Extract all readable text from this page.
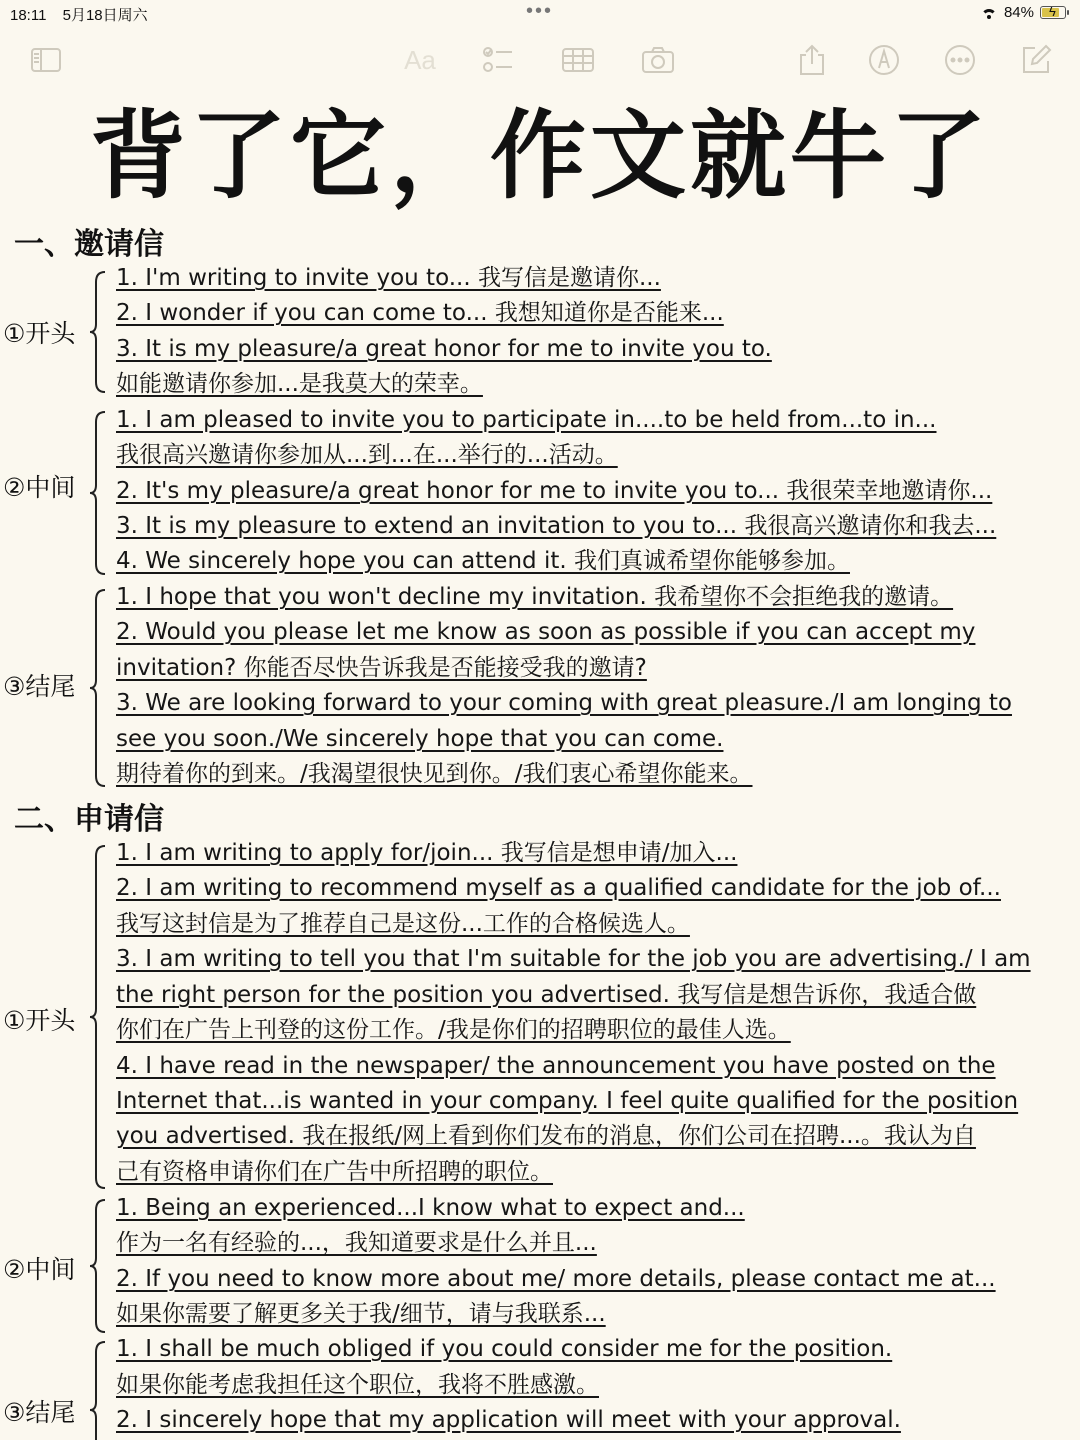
18:11 5月18日周六	•••	84% ϟ
Aa
背了它，作文就牛了
一、邀请信
①开头
1. I'm writing to invite you to... 我写信是邀请你...
2. I wonder if you can come to... 我想知道你是否能来...
3. It is my pleasure/a great honor for me to invite you to.
如能邀请你参加...是我莫大的荣幸。
②中间
1. I am pleased to invite you to participate in....to be held from...to in...
我很高兴邀请你参加从...到...在...举行的...活动。
2. It's my pleasure/a great honor for me to invite you to... 我很荣幸地邀请你...
3. It is my pleasure to extend an invitation to you to... 我很高兴邀请你和我去...
4. We sincerely hope you can attend it. 我们真诚希望你能够参加。
③结尾
1. I hope that you won't decline my invitation. 我希望你不会拒绝我的邀请。
2. Would you please let me know as soon as possible if you can accept my
invitation? 你能否尽快告诉我是否能接受我的邀请?
3. We are looking forward to your coming with great pleasure./I am longing to
see you soon./We sincerely hope that you can come.
期待着你的到来。/我渴望很快见到你。/我们衷心希望你能来。
二、申请信
①开头
1. I am writing to apply for/join... 我写信是想申请/加入...
2. I am writing to recommend myself as a qualified candidate for the job of...
我写这封信是为了推荐自己是这份...工作的合格候选人。
3. I am writing to tell you that I'm suitable for the job you are advertising./ I am
the right person for the position you advertised. 我写信是想告诉你，我适合做
你们在广告上刊登的这份工作。/我是你们的招聘职位的最佳人选。
4. I have read in the newspaper/ the announcement you have posted on the
Internet that...is wanted in your company. I feel quite qualified for the position
you advertised. 我在报纸/网上看到你们发布的消息，你们公司在招聘...。我认为自
己有资格申请你们在广告中所招聘的职位。
②中间
1. Being an experienced...I know what to expect and...
作为一名有经验的...，我知道要求是什么并且...
2. If you need to know more about me/ more details, please contact me at...
如果你需要了解更多关于我/细节，请与我联系...
③结尾
1. I shall be much obliged if you could consider me for the position.
如果你能考虑我担任这个职位，我将不胜感激。
2. I sincerely hope that my application will meet with your approval.
